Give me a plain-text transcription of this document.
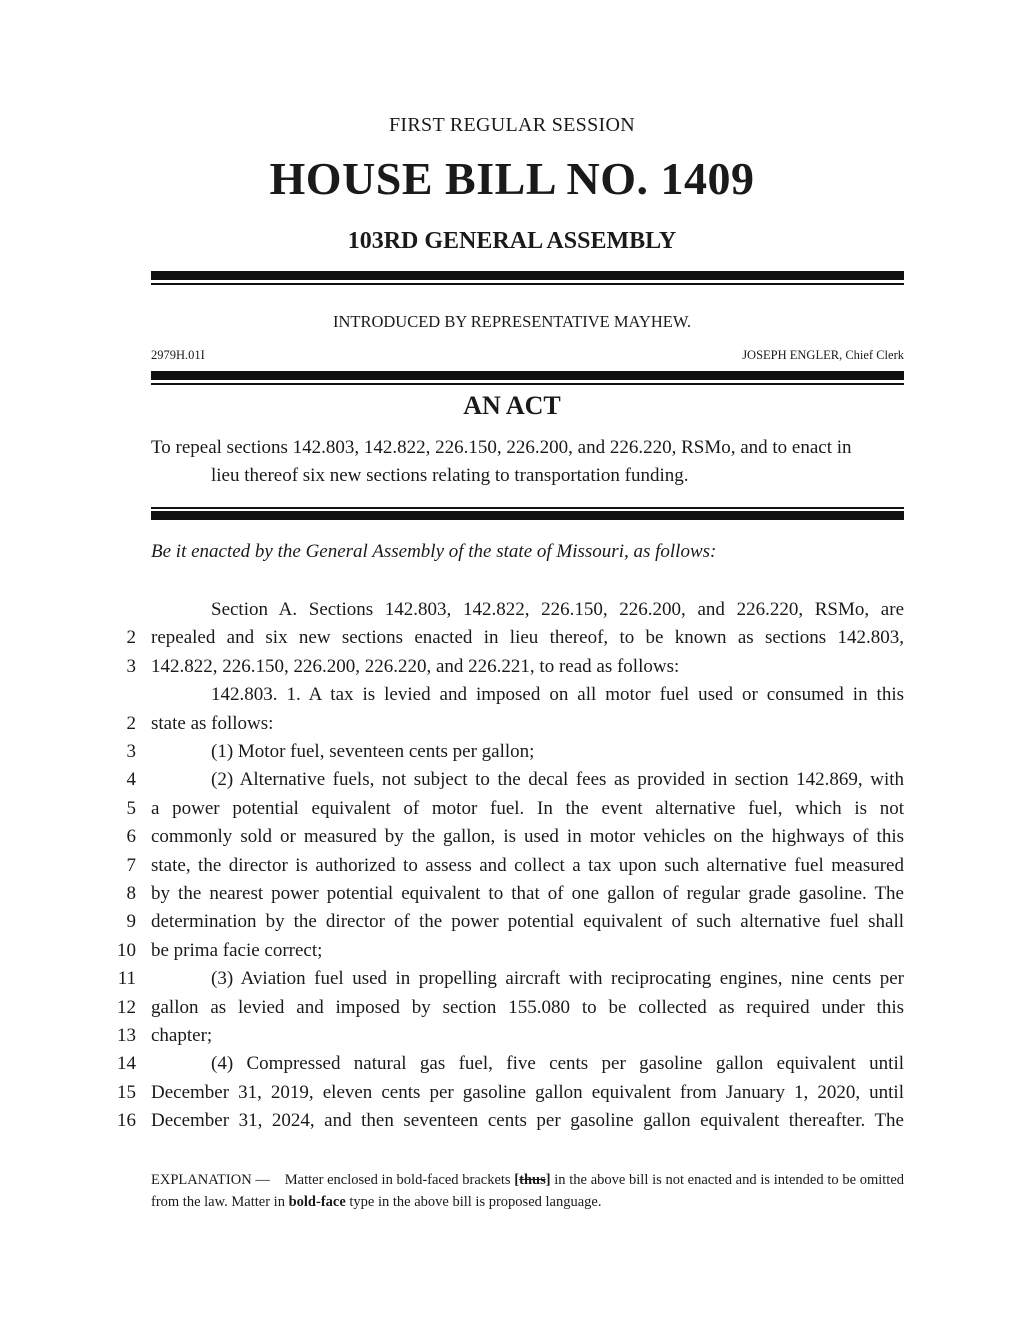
FIRST REGULAR SESSION
HOUSE BILL NO. 1409
103RD GENERAL ASSEMBLY
INTRODUCED BY REPRESENTATIVE MAYHEW.
2979H.01I	JOSEPH ENGLER, Chief Clerk
AN ACT
To repeal sections 142.803, 142.822, 226.150, 226.200, and 226.220, RSMo, and to enact in
lieu thereof six new sections relating to transportation funding.
Be it enacted by the General Assembly of the state of Missouri, as follows:
Section A. Sections 142.803, 142.822, 226.150, 226.200, and 226.220, RSMo, are
2 repealed and six new sections enacted in lieu thereof, to be known as sections 142.803,
3 142.822, 226.150, 226.200, 226.220, and 226.221, to read as follows:
142.803. 1. A tax is levied and imposed on all motor fuel used or consumed in this
2 state as follows:
3	(1) Motor fuel, seventeen cents per gallon;
4	(2) Alternative fuels, not subject to the decal fees as provided in section 142.869, with
5 a power potential equivalent of motor fuel. In the event alternative fuel, which is not
6 commonly sold or measured by the gallon, is used in motor vehicles on the highways of this
7 state, the director is authorized to assess and collect a tax upon such alternative fuel measured
8 by the nearest power potential equivalent to that of one gallon of regular grade gasoline. The
9 determination by the director of the power potential equivalent of such alternative fuel shall
10 be prima facie correct;
11	(3) Aviation fuel used in propelling aircraft with reciprocating engines, nine cents per
12 gallon as levied and imposed by section 155.080 to be collected as required under this
13 chapter;
14	(4) Compressed natural gas fuel, five cents per gasoline gallon equivalent until
15 December 31, 2019, eleven cents per gasoline gallon equivalent from January 1, 2020, until
16 December 31, 2024, and then seventeen cents per gasoline gallon equivalent thereafter. The
EXPLANATION — Matter enclosed in bold-faced brackets [thus] in the above bill is not enacted and is intended to be omitted from the law. Matter in bold-face type in the above bill is proposed language.
